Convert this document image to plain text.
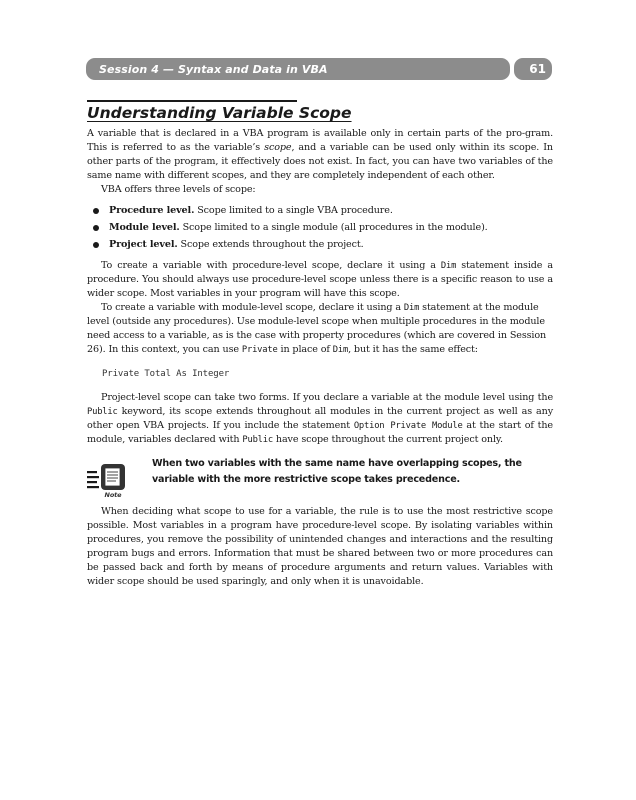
Session 4 — Syntax and Data in VBA	61
Understanding Variable Scope

A variable that is declared in a VBA program is available only in certain parts of the pro-gram. This is referred to as the variable’s scope, and a variable can be used only within its scope. In other parts of the program, it effectively does not exist. In fact, you can have two variables of the same name with different scopes, and they are completely independent of each other.

VBA offers three levels of scope:

Procedure level. Scope limited to a single VBA procedure.
Module level. Scope limited to a single module (all procedures in the module).
Project level. Scope extends throughout the project.

To create a variable with procedure-level scope, declare it using a Dim statement inside a procedure. You should always use procedure-level scope unless there is a specific reason to use a wider scope. Most variables in your program will have this scope.

To create a variable with module-level scope, declare it using a Dim statement at the module level (outside any procedures). Use module-level scope when multiple procedures in the module need access to a variable, as is the case with property procedures (which are covered in Session 26). In this context, you can use Private in place of Dim, but it has the same effect:

Private Total As Integer

Project-level scope can take two forms. If you declare a variable at the module level using the Public keyword, its scope extends throughout all modules in the current project as well as any other open VBA projects. If you include the statement Option Private Module at the start of the module, variables declared with Public have scope throughout the current project only.

Note
When two variables with the same name have overlapping scopes, the variable with the more restrictive scope takes precedence.

When deciding what scope to use for a variable, the rule is to use the most restrictive scope possible. Most variables in a program have procedure-level scope. By isolating variables within procedures, you remove the possibility of unintended changes and interactions and the resulting program bugs and errors. Information that must be shared between two or more procedures can be passed back and forth by means of procedure arguments and return values. Variables with wider scope should be used sparingly, and only when it is unavoidable.
